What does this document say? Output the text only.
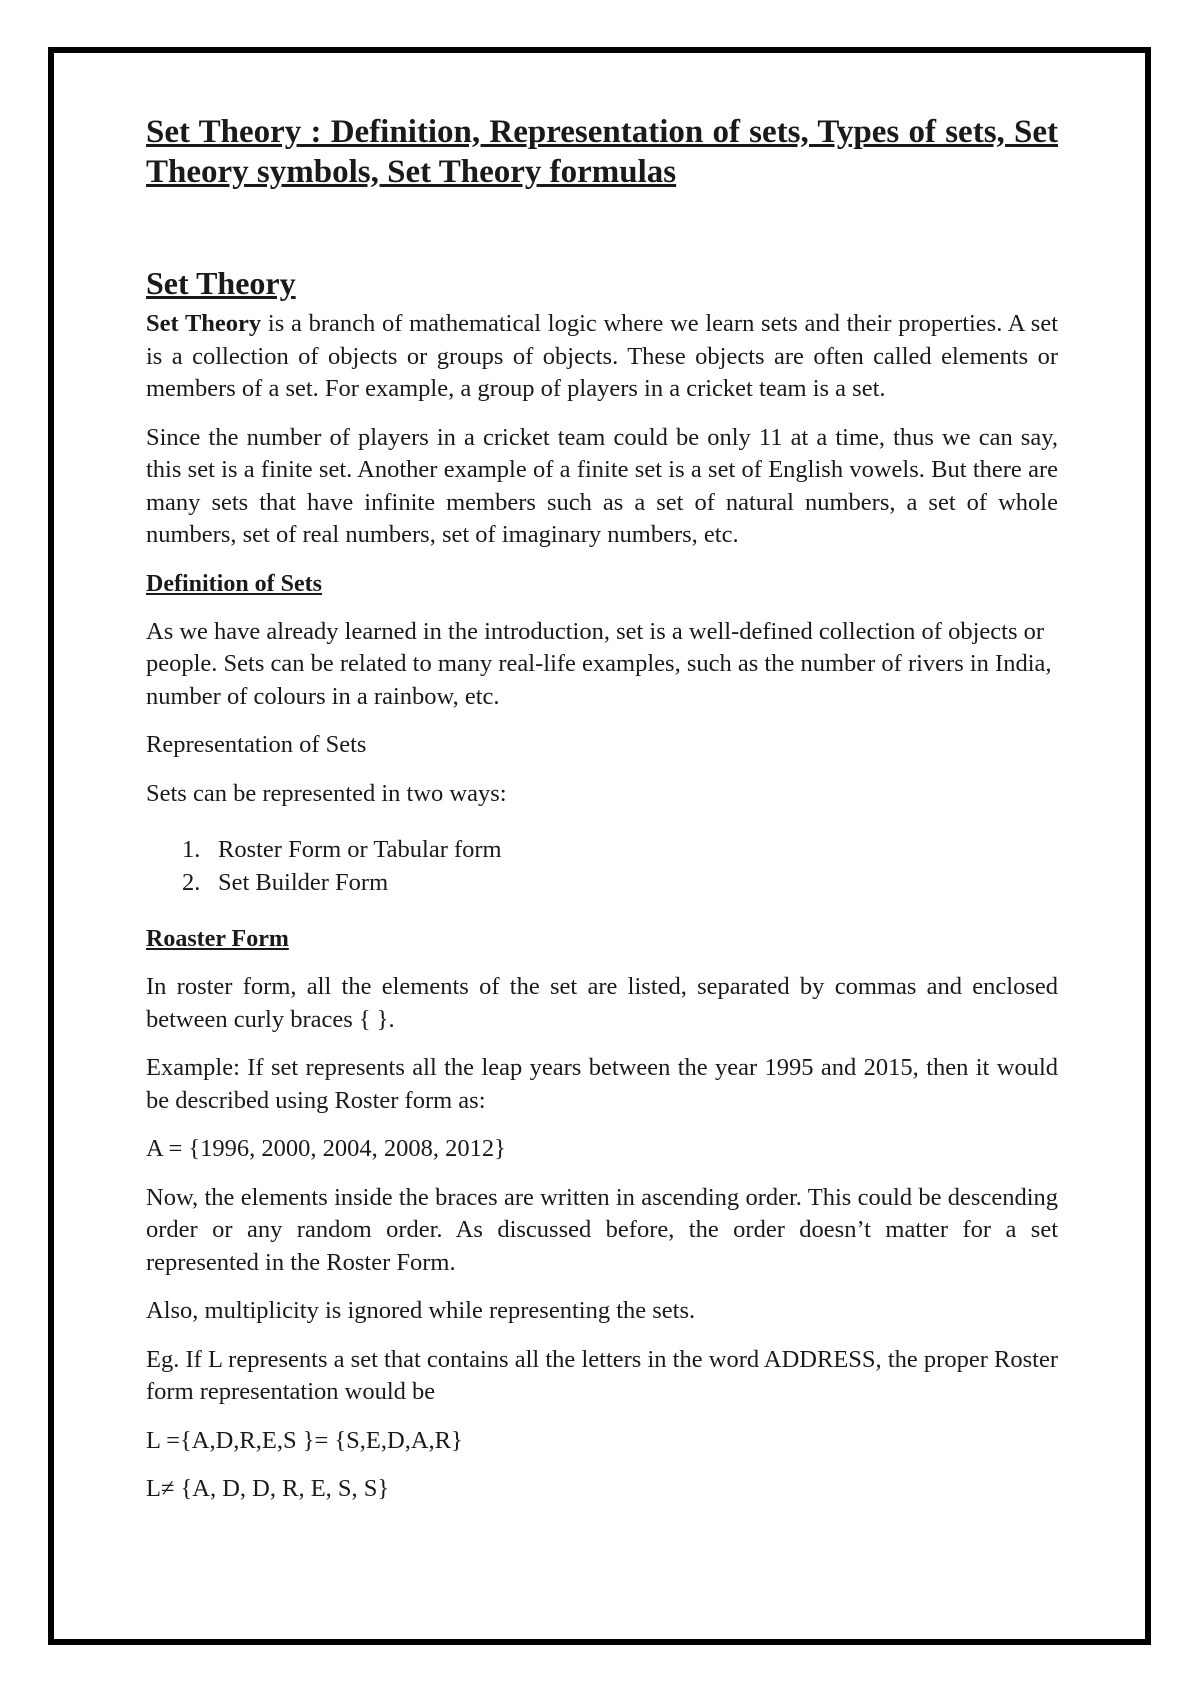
Set Theory : Definition, Representation of sets, Types of sets, Set Theory symbols, Set Theory formulas
Set Theory

Set Theory is a branch of mathematical logic where we learn sets and their properties. A set is a collection of objects or groups of objects. These objects are often called elements or members of a set. For example, a group of players in a cricket team is a set.

Since the number of players in a cricket team could be only 11 at a time, thus we can say, this set is a finite set. Another example of a finite set is a set of English vowels. But there are many sets that have infinite members such as a set of natural numbers, a set of whole numbers, set of real numbers, set of imaginary numbers, etc.

Definition of Sets

As we have already learned in the introduction, set is a well-defined collection of objects or people. Sets can be related to many real-life examples, such as the number of rivers in India, number of colours in a rainbow, etc.

Representation of Sets

Sets can be represented in two ways:

1. Roster Form or Tabular form
2. Set Builder Form
Roaster Form

In roster form, all the elements of the set are listed, separated by commas and enclosed between curly braces { }.

Example: If set represents all the leap years between the year 1995 and 2015, then it would be described using Roster form as:

A = {1996, 2000, 2004, 2008, 2012}

Now, the elements inside the braces are written in ascending order. This could be descending order or any random order. As discussed before, the order doesn’t matter for a set represented in the Roster Form.

Also, multiplicity is ignored while representing the sets.

Eg. If L represents a set that contains all the letters in the word ADDRESS, the proper Roster form representation would be

L ={A,D,R,E,S }= {S,E,D,A,R}

L≠ {A, D, D, R, E, S, S}
